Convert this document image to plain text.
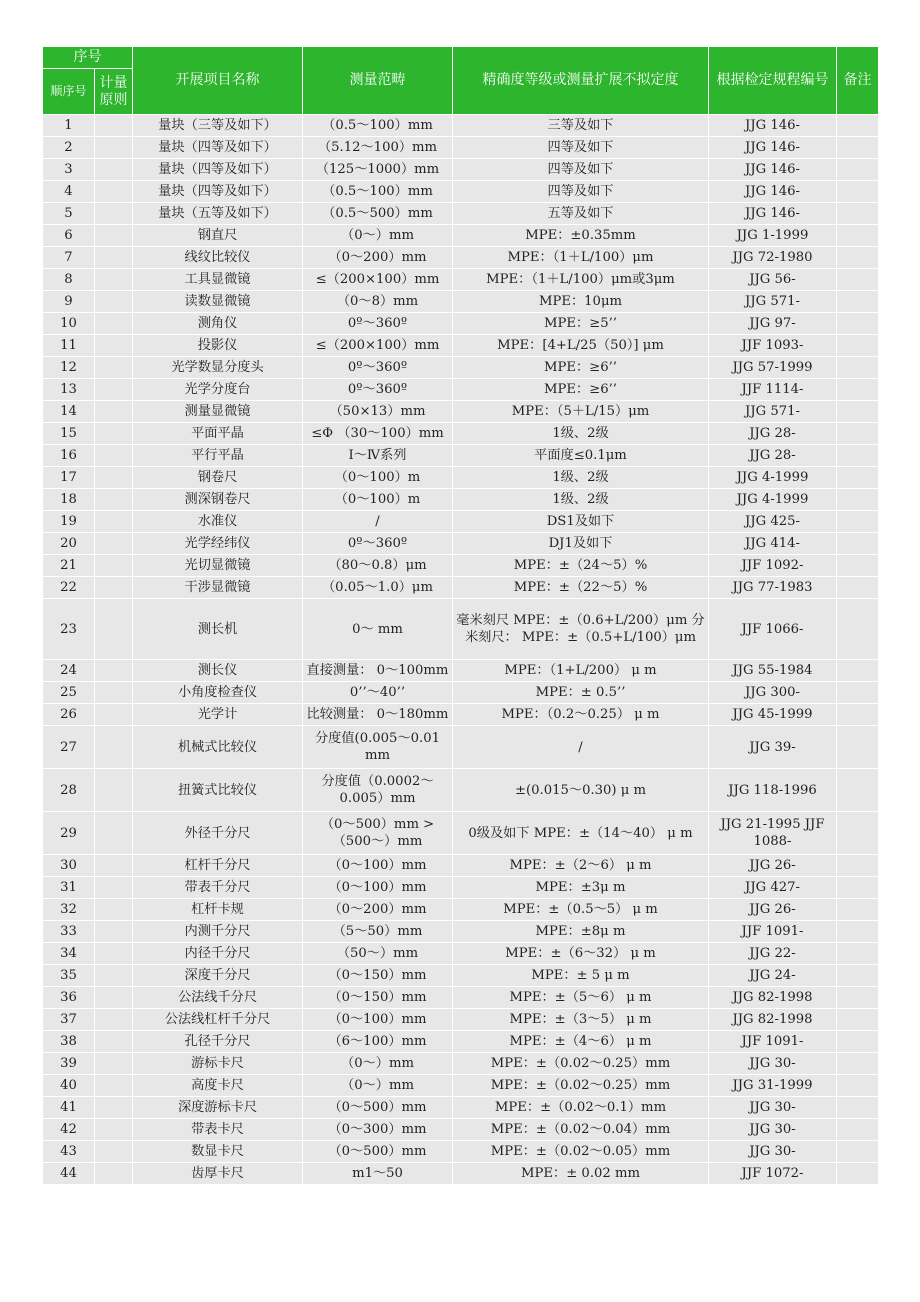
序号		开展项目名称	测量范畴	精确度等级或测量扩展不拟定度	根据检定规程编号	备注
顺序号	计量原则					
1		量块（三等及如下）	（0.5～100）mm	三等及如下	JJG 146-	
2		量块（四等及如下）	（5.12～100）mm	四等及如下	JJG 146-	
3		量块（四等及如下）	（125～1000）mm	四等及如下	JJG 146-	
4		量块（四等及如下）	（0.5～100）mm	四等及如下	JJG 146-	
5		量块（五等及如下）	（0.5～500）mm	五等及如下	JJG 146-	
6		钢直尺	（0～）mm	MPE：±0.35mm	JJG 1-1999	
7		线纹比较仪	（0～200）mm	MPE：（1＋L/100）μm	JJG 72-1980	
8		工具显微镜	≤（200×100）mm	MPE：（1＋L/100）μm或3μm	JJG 56-	
9		读数显微镜	（0～8）mm	MPE：10μm	JJG 571-	
10		测角仪	0º～360º	MPE：≥5’’	JJG 97-	
11		投影仪	≤（200×100）mm	MPE：[4+L/25（50）] μm	JJF 1093-	
12		光学数显分度头	0º～360º	MPE：≥6’’	JJG 57-1999	
13		光学分度台	0º～360º	MPE：≥6’’	JJF 1114-	
14		测量显微镜	（50×13）mm	MPE：（5＋L/15）μm	JJG 571-	
15		平面平晶	≤Φ （30～100）mm	1级、2级	JJG 28-	
16		平行平晶	Ⅰ～Ⅳ系列	平面度≤0.1μm	JJG 28-	
17		钢卷尺	（0～100）m	1级、2级	JJG 4-1999	
18		测深钢卷尺	（0～100）m	1级、2级	JJG 4-1999	
19		水准仪	/	DS1及如下	JJG 425-	
20		光学经纬仪	0º～360º	DJ1及如下	JJG 414-	
21		光切显微镜	（80～0.8）μm	MPE：±（24～5）%	JJF 1092-	
22		干涉显微镜	（0.05～1.0）μm	MPE：±（22～5）%	JJG 77-1983	
23		测长机	0～ mm	毫米刻尺 MPE：±（0.6+L/200）μm 分米刻尺： MPE：±（0.5+L/100）μm	JJF 1066-	
24		测长仪	直接测量： 0～100mm	MPE：（1+L/200） μ m	JJG 55-1984	
25		小角度检查仪	0’’～40’’	MPE：± 0.5’’	JJG 300-	
26		光学计	比较测量： 0～180mm	MPE：（0.2～0.25） μ m	JJG 45-1999	
27		机械式比较仪	分度值(0.005～0.01 mm	/	JJG 39-	
28		扭簧式比较仪	分度值（0.0002～0.005）mm	±(0.015～0.30) μ m	JJG 118-1996	
29		外径千分尺	（0～500）mm >（500～）mm	0级及如下 MPE：±（14～40） μ m	JJG 21-1995 JJF 1088-	
30		杠杆千分尺	（0～100）mm	MPE：±（2～6） μ m	JJG 26-	
31		带表千分尺	（0～100）mm	MPE：±3μ m	JJG 427-	
32		杠杆卡规	（0～200）mm	MPE：±（0.5～5） μ m	JJG 26-	
33		内测千分尺	（5～50）mm	MPE：±8μ m	JJF 1091-	
34		内径千分尺	（50～）mm	MPE：±（6～32） μ m	JJG 22-	
35		深度千分尺	（0～150）mm	MPE：± 5 μ m	JJG 24-	
36		公法线千分尺	（0～150）mm	MPE：±（5～6） μ m	JJG 82-1998	
37		公法线杠杆千分尺	（0～100）mm	MPE：±（3～5） μ m	JJG 82-1998	
38		孔径千分尺	（6～100）mm	MPE：±（4～6） μ m	JJF 1091-	
39		游标卡尺	（0～）mm	MPE：±（0.02～0.25）mm	JJG 30-	
40		高度卡尺	（0～）mm	MPE：±（0.02～0.25）mm	JJG 31-1999	
41		深度游标卡尺	（0～500）mm	MPE：±（0.02～0.1）mm	JJG 30-	
42		带表卡尺	（0～300）mm	MPE：±（0.02～0.04）mm	JJG 30-	
43		数显卡尺	（0～500）mm	MPE：±（0.02～0.05）mm	JJG 30-	
44		齿厚卡尺	m1～50	MPE：± 0.02 mm	JJF 1072-	
